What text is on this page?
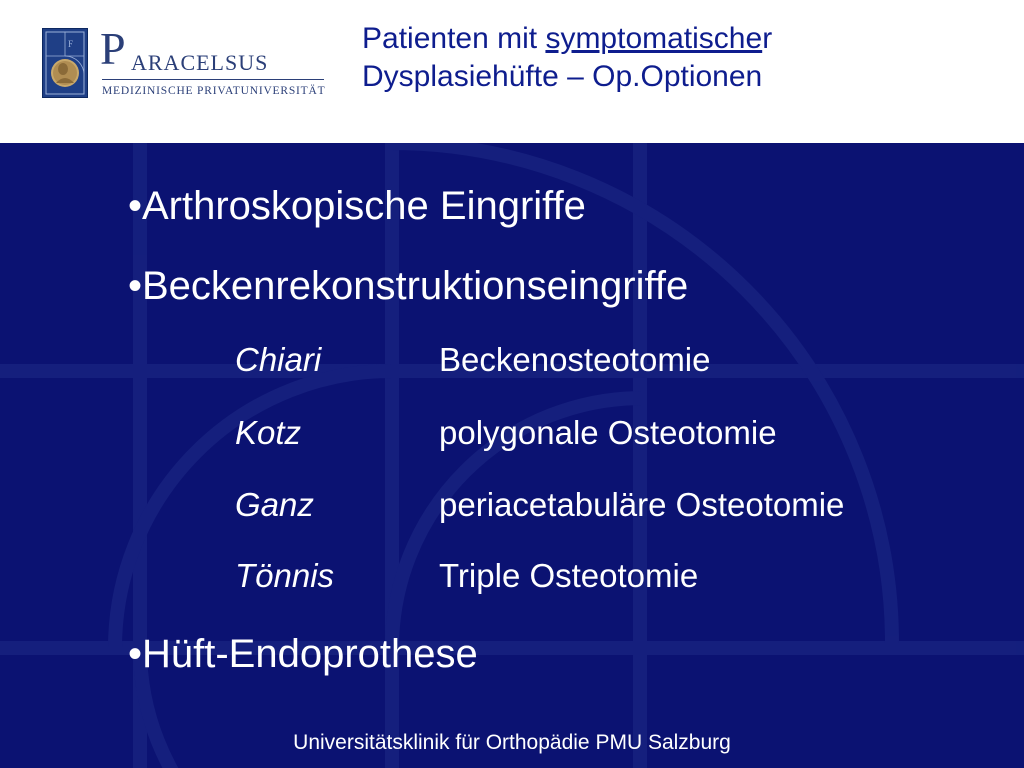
F P ARACELSUS
MEDIZINISCHE PRIVATUNIVERSITÄT
Patienten mit symptomatischer
Dysplasiehüfte – Op.Optionen
•Arthroskopische Eingriffe
•Beckenrekonstruktionseingriffe
Chiari	Beckenosteotomie
Kotz	polygonale Osteotomie
Ganz	periacetabuläre Osteotomie
Tönnis	Triple Osteotomie
•Hüft-Endoprothese
Universitätsklinik für Orthopädie PMU Salzburg
